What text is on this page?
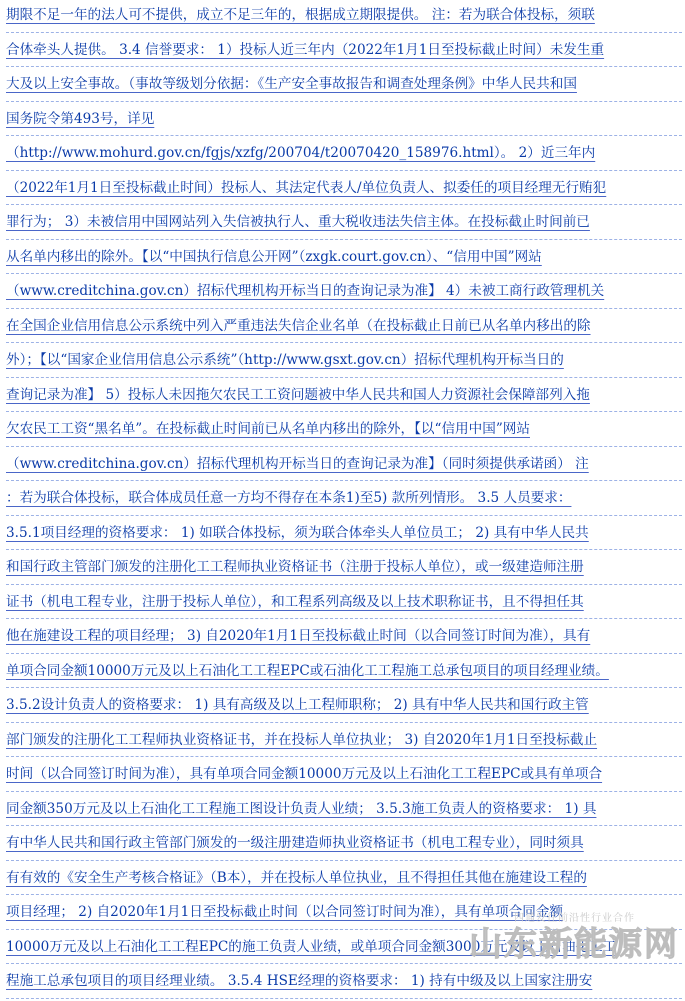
期限不足一年的法人可不提供，成立不足三年的，根据成立期限提供。 注：若为联合体投标，须联
合体牵头人提供。 3.4 信誉要求： 1）投标人近三年内（2022年1月1日至投标截止时间）未发生重
大及以上安全事故。（事故等级划分依据：《生产安全事故报告和调查处理条例》中华人民共和国
国务院令第493号，详见
（http://www.mohurd.gov.cn/fgjs/xzfg/200704/t20070420_158976.html）。 2）近三年内
（2022年1月1日至投标截止时间）投标人、其法定代表人/单位负责人、拟委任的项目经理无行贿犯
罪行为； 3）未被信用中国网站列入失信被执行人、重大税收违法失信主体。在投标截止时间前已
从名单内移出的除外。【以“中国执行信息公开网”（zxgk.court.gov.cn）、“信用中国”网站
（www.creditchina.gov.cn）招标代理机构开标当日的查询记录为准】 4）未被工商行政管理机关
在全国企业信用信息公示系统中列入严重违法失信企业名单（在投标截止日前已从名单内移出的除
外）；【以“国家企业信用信息公示系统”（http://www.gsxt.gov.cn）招标代理机构开标当日的
查询记录为准】 5）投标人未因拖欠农民工工资问题被中华人民共和国人力资源社会保障部列入拖
欠农民工工资“黑名单”。在投标截止时间前已从名单内移出的除外，【以“信用中国”网站
（www.creditchina.gov.cn）招标代理机构开标当日的查询记录为准】（同时须提供承诺函） 注
：若为联合体投标，联合体成员任意一方均不得存在本条1)至5) 款所列情形。 3.5 人员要求：
3.5.1项目经理的资格要求： 1) 如联合体投标，须为联合体牵头人单位员工； 2) 具有中华人民共
和国行政主管部门颁发的注册化工工程师执业资格证书（注册于投标人单位），或一级建造师注册
证书（机电工程专业，注册于投标人单位），和工程系列高级及以上技术职称证书，且不得担任其
他在施建设工程的项目经理； 3) 自2020年1月1日至投标截止时间（以合同签订时间为准），具有
单项合同金额10000万元及以上石油化工工程EPC或石油化工工程施工总承包项目的项目经理业绩。
3.5.2设计负责人的资格要求： 1) 具有高级及以上工程师职称； 2) 具有中华人民共和国行政主管
部门颁发的注册化工工程师执业资格证书，并在投标人单位执业； 3) 自2020年1月1日至投标截止
时间（以合同签订时间为准），具有单项合同金额10000万元及以上石油化工工程EPC或具有单项合
同金额350万元及以上石油化工工程施工图设计负责人业绩； 3.5.3施工负责人的资格要求： 1) 具
有中华人民共和国行政主管部门颁发的一级注册建造师执业资格证书（机电工程专业），同时须具
有有效的《安全生产考核合格证》（B本），并在投标人单位执业，且不得担任其他在施建设工程的
项目经理； 2) 自2020年1月1日至投标截止时间（以合同签订时间为准），具有单项合同金额
10000万元及以上石油化工工程EPC的施工负责人业绩，或单项合同金额3000万元及以上石油化工工
程施工总承包项目的项目经理业绩。 3.5.4 HSE经理的资格要求： 1) 持有中级及以上国家注册安
四通发往前沿性行业合作
山东新能源网
